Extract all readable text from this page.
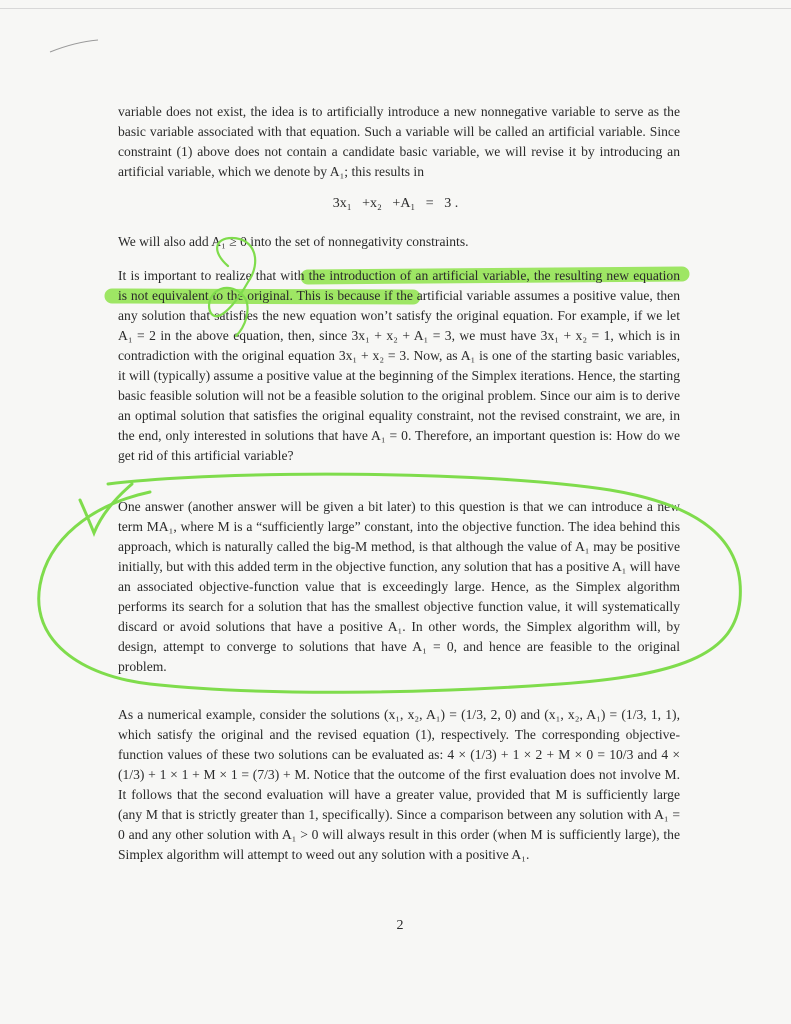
variable does not exist, the idea is to artificially introduce a new nonnegative variable to serve as the basic variable associated with that equation. Such a variable will be called an artificial variable. Since constraint (1) above does not contain a candidate basic variable, we will revise it by introducing an artificial variable, which we denote by A₁; this results in

3x₁   +x₂   +A₁   =   3 .

We will also add A₁ ≥ 0 into the set of nonnegativity constraints.

It is important to realize that with the introduction of an artificial variable, the resulting new equation is not equivalent to the original. This is because if the artificial variable assumes a positive value, then any solution that satisfies the new equation won’t satisfy the original equation. For example, if we let A₁ = 2 in the above equation, then, since 3x₁ + x₂ + A₁ = 3, we must have 3x₁ + x₂ = 1, which is in contradiction with the original equation 3x₁ + x₂ = 3. Now, as A₁ is one of the starting basic variables, it will (typically) assume a positive value at the beginning of the Simplex iterations. Hence, the starting basic feasible solution will not be a feasible solution to the original problem. Since our aim is to derive an optimal solution that satisfies the original equality constraint, not the revised constraint, we are, in the end, only interested in solutions that have A₁ = 0. Therefore, an important question is: How do we get rid of this artificial variable?

One answer (another answer will be given a bit later) to this question is that we can introduce a new term MA₁, where M is a “sufficiently large” constant, into the objective function. The idea behind this approach, which is naturally called the big-M method, is that although the value of A₁ may be positive initially, but with this added term in the objective function, any solution that has a positive A₁ will have an associated objective-function value that is exceedingly large. Hence, as the Simplex algorithm performs its search for a solution that has the smallest objective function value, it will systematically discard or avoid solutions that have a positive A₁. In other words, the Simplex algorithm will, by design, attempt to converge to solutions that have A₁ = 0, and hence are feasible to the original problem.

As a numerical example, consider the solutions (x₁, x₂, A₁) = (1/3, 2, 0) and (x₁, x₂, A₁) = (1/3, 1, 1), which satisfy the original and the revised equation (1), respectively. The corresponding objective-function values of these two solutions can be evaluated as: 4 × (1/3) + 1 × 2 + M × 0 = 10/3 and 4 × (1/3) + 1 × 1 + M × 1 = (7/3) + M. Notice that the outcome of the first evaluation does not involve M. It follows that the second evaluation will have a greater value, provided that M is sufficiently large (any M that is strictly greater than 1, specifically). Since a comparison between any solution with A₁ = 0 and any other solution with A₁ > 0 will always result in this order (when M is sufficiently large), the Simplex algorithm will attempt to weed out any solution with a positive A₁.

2
